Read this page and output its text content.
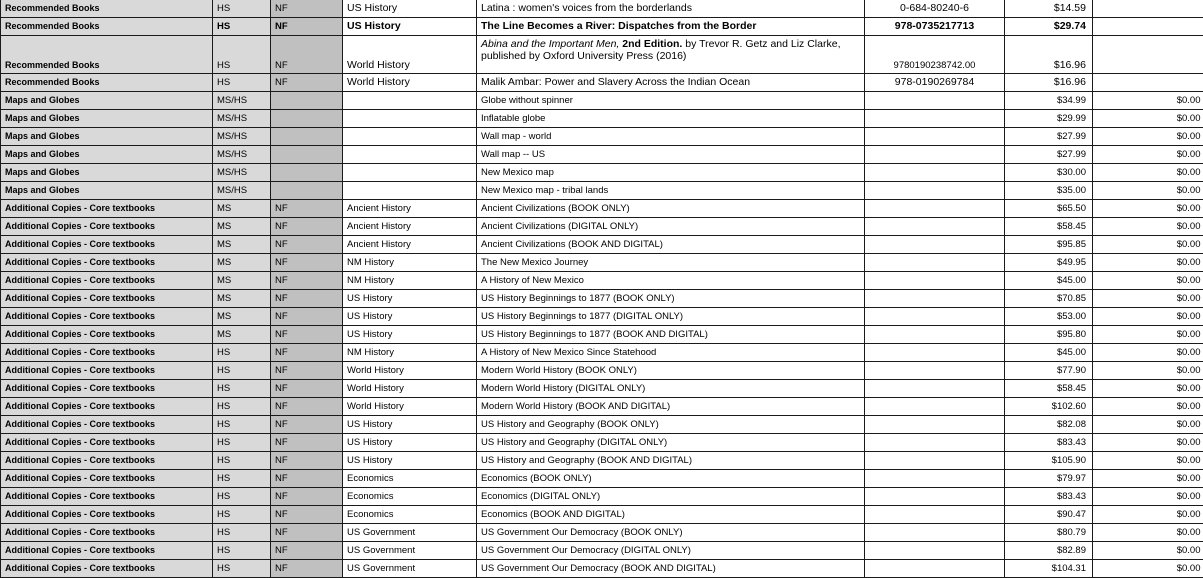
Recommended Books	HS	NF	US History	Latina : women's voices from the borderlands	0-684-80240-6	$14.59	
Recommended Books	HS	NF	US History	The Line Becomes a River: Dispatches from the Border	978-0735217713	$29.74	
Recommended Books	HS	NF	World History	Abina and the Important Men, 2nd Edition. by Trevor R. Getz and Liz Clarke, published by Oxford University Press (2016)	9780190238742.00	$16.96	
Recommended Books	HS	NF	World History	Malik Ambar: Power and Slavery Across the Indian Ocean	978-0190269784	$16.96	
Maps and Globes	MS/HS			Globe without spinner		$34.99	$0.00
Maps and Globes	MS/HS			Inflatable globe		$29.99	$0.00
Maps and Globes	MS/HS			Wall map - world		$27.99	$0.00
Maps and Globes	MS/HS			Wall map -- US		$27.99	$0.00
Maps and Globes	MS/HS			New Mexico map		$30.00	$0.00
Maps and Globes	MS/HS			New Mexico map - tribal lands		$35.00	$0.00
Additional Copies - Core textbooks	MS	NF	Ancient History	Ancient Civilizations (BOOK ONLY)		$65.50	$0.00
Additional Copies - Core textbooks	MS	NF	Ancient History	Ancient Civilizations (DIGITAL ONLY)		$58.45	$0.00
Additional Copies - Core textbooks	MS	NF	Ancient History	Ancient Civilizations (BOOK AND DIGITAL)		$95.85	$0.00
Additional Copies - Core textbooks	MS	NF	NM History	The New Mexico Journey		$49.95	$0.00
Additional Copies - Core textbooks	MS	NF	NM History	A History of New Mexico		$45.00	$0.00
Additional Copies - Core textbooks	MS	NF	US History	US History Beginnings to 1877 (BOOK ONLY)		$70.85	$0.00
Additional Copies - Core textbooks	MS	NF	US History	US History Beginnings to 1877 (DIGITAL ONLY)		$53.00	$0.00
Additional Copies - Core textbooks	MS	NF	US History	US History Beginnings to 1877 (BOOK AND DIGITAL)		$95.80	$0.00
Additional Copies - Core textbooks	HS	NF	NM History	A History of New Mexico Since Statehood		$45.00	$0.00
Additional Copies - Core textbooks	HS	NF	World History	Modern World History (BOOK ONLY)		$77.90	$0.00
Additional Copies - Core textbooks	HS	NF	World History	Modern World History (DIGITAL ONLY)		$58.45	$0.00
Additional Copies - Core textbooks	HS	NF	World History	Modern World History (BOOK AND DIGITAL)		$102.60	$0.00
Additional Copies - Core textbooks	HS	NF	US History	US History and Geography (BOOK ONLY)		$82.08	$0.00
Additional Copies - Core textbooks	HS	NF	US History	US History and Geography (DIGITAL ONLY)		$83.43	$0.00
Additional Copies - Core textbooks	HS	NF	US History	US History and Geography (BOOK AND DIGITAL)		$105.90	$0.00
Additional Copies - Core textbooks	HS	NF	Economics	Economics (BOOK ONLY)		$79.97	$0.00
Additional Copies - Core textbooks	HS	NF	Economics	Economics (DIGITAL ONLY)		$83.43	$0.00
Additional Copies - Core textbooks	HS	NF	Economics	Economics (BOOK AND DIGITAL)		$90.47	$0.00
Additional Copies - Core textbooks	HS	NF	US Government	US Government Our Democracy (BOOK ONLY)		$80.79	$0.00
Additional Copies - Core textbooks	HS	NF	US Government	US Government Our Democracy (DIGITAL ONLY)		$82.89	$0.00
Additional Copies - Core textbooks	HS	NF	US Government	US Government Our Democracy (BOOK AND DIGITAL)		$104.31	$0.00
